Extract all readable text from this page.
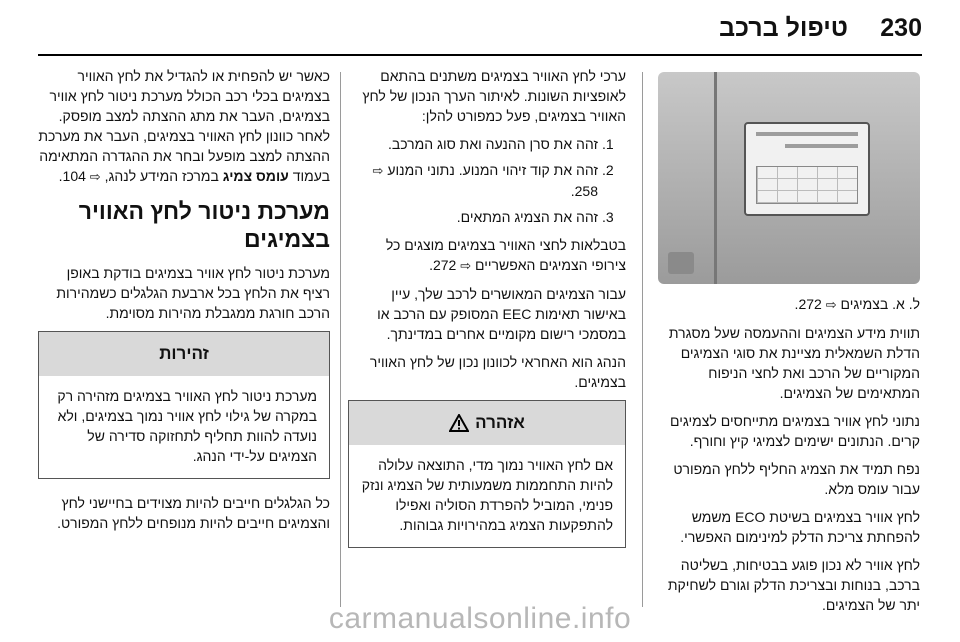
230
טיפול ברכב

ל. א. בצמיגים ⇨ 272.

תווית מידע הצמיגים וההעמסה שעל מסגרת הדלת השמאלית מציינת את סוגי הצמיגים המקוריים של הרכב ואת לחצי הניפוח המתאימים של הצמיגים.

נתוני לחץ אוויר בצמיגים מתייחסים לצמיגים קרים. הנתונים ישימים לצמיגי קיץ וחורף.

נפח תמיד את הצמיג החליף ללחץ המפורט עבור עומס מלא.

לחץ אוויר בצמיגים בשיטת ECO משמש להפחתת צריכת הדלק למינימום האפשרי.

לחץ אוויר לא נכון פוגע בבטיחות, בשליטה ברכב, בנוחות ובצריכת הדלק וגורם לשחיקת יתר של הצמיגים.

ערכי לחץ האוויר בצמיגים משתנים בהתאם לאופציות השונות. לאיתור הערך הנכון של לחץ האוויר בצמיגים, פעל כמפורט להלן:

1.
זהה את סרן ההנעה ואת סוג המרכב.
2.
זהה את קוד זיהוי המנוע. נתוני המנוע ⇨ 258.
3.
זהה את הצמיג המתאים.

בטבלאות לחצי האוויר בצמיגים מוצגים כל צירופי הצמיגים האפשריים ⇨ 272.

עבור הצמיגים המאושרים לרכב שלך, עיין באישור תאימות EEC המסופק עם הרכב או במסמכי רישום מקומיים אחרים במדינתך.

הנהג הוא האחראי לכוונון נכון של לחץ האוויר בצמיגים.

אזהרה
אם לחץ האוויר נמוך מדי, התוצאה עלולה להיות התחממות משמעותית של הצמיג ונזק פנימי, המוביל להפרדת הסוליה ואפילו להתפקעות הצמיג במהירויות גבוהות.

כאשר יש להפחית או להגדיל את לחץ האוויר בצמיגים בכלי רכב הכולל מערכת ניטור לחץ אוויר בצמיגים, העבר את מתג ההצתה למצב מופסק. לאחר כוונון לחץ האוויר בצמיגים, העבר את מערכת ההצתה למצב מופעל ובחר את ההגדרה המתאימה בעמוד עומס צמיג במרכז המידע לנהג, ⇨ 104.

מערכת ניטור לחץ האוויר בצמיגים

מערכת ניטור לחץ אוויר בצמיגים בודקת באופן רציף את הלחץ בכל ארבעת הגלגלים כשמהירות הרכב חורגת ממגבלת מהירות מסוימת.

זהירות
מערכת ניטור לחץ האוויר בצמיגים מזהירה רק במקרה של גילוי לחץ אוויר נמוך בצמיגים, ולא נועדה להוות תחליף לתחזוקה סדירה של הצמיגים על-ידי הנהג.

כל הגלגלים חייבים להיות מצוידים בחיישני לחץ והצמיגים חייבים להיות מנופחים ללחץ המפורט.

carmanualsonline.info
